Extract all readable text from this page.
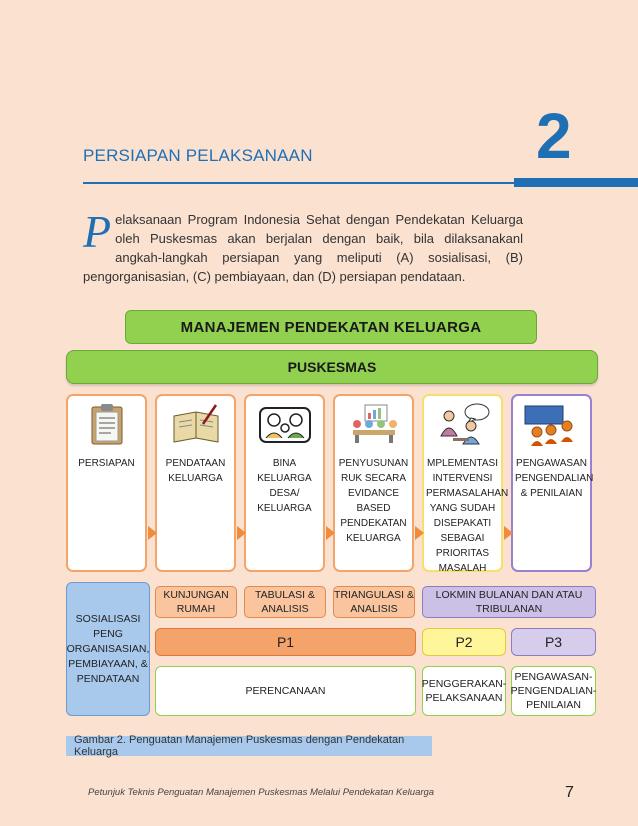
PERSIAPAN PELAKSANAAN	2
Pelaksanaan Program Indonesia Sehat dengan Pendekatan Keluarga oleh Puskesmas akan berjalan dengan baik, bila dilaksanakanl angkah-langkah persiapan yang meliputi (A) sosialisasi, (B) pengorganisasian, (C) pembiayaan, dan (D) persiapan pendataan.
MANAJEMEN PENDEKATAN KELUARGA
PUSKESMAS
PERSIAPAN	PENDATAAN KELUARGA
BINA KELUARGA DESA/ KELUARGA
PENYUSUNAN RUK SECARA EVIDANCE BASED PENDEKATAN KELUARGA
MPLEMENTASI INTERVENSI PERMASALAHAN YANG SUDAH DISEPAKATI SEBAGAI PRIORITAS MASALAH
PENGAWASAN PENGENDALIAN & PENILAIAN
SOSIALISASI PENG ORGANISASIAN, PEMBIAYAAN, & PENDATAAN
KUNJUNGAN RUMAH
TABULASI & ANALISIS
TRIANGULASI & ANALISIS
LOKMIN BULANAN DAN ATAU TRIBULANAN
P1	P2	P3
PERENCANAAN
PENGGERAKAN-PELAKSANAAN
PENGAWASAN-PENGENDALIAN-PENILAIAN
Gambar 2. Penguatan Manajemen Puskesmas dengan Pendekatan Keluarga
Petunjuk Teknis Penguatan Manajemen Puskesmas Melalui Pendekatan Keluarga	7
